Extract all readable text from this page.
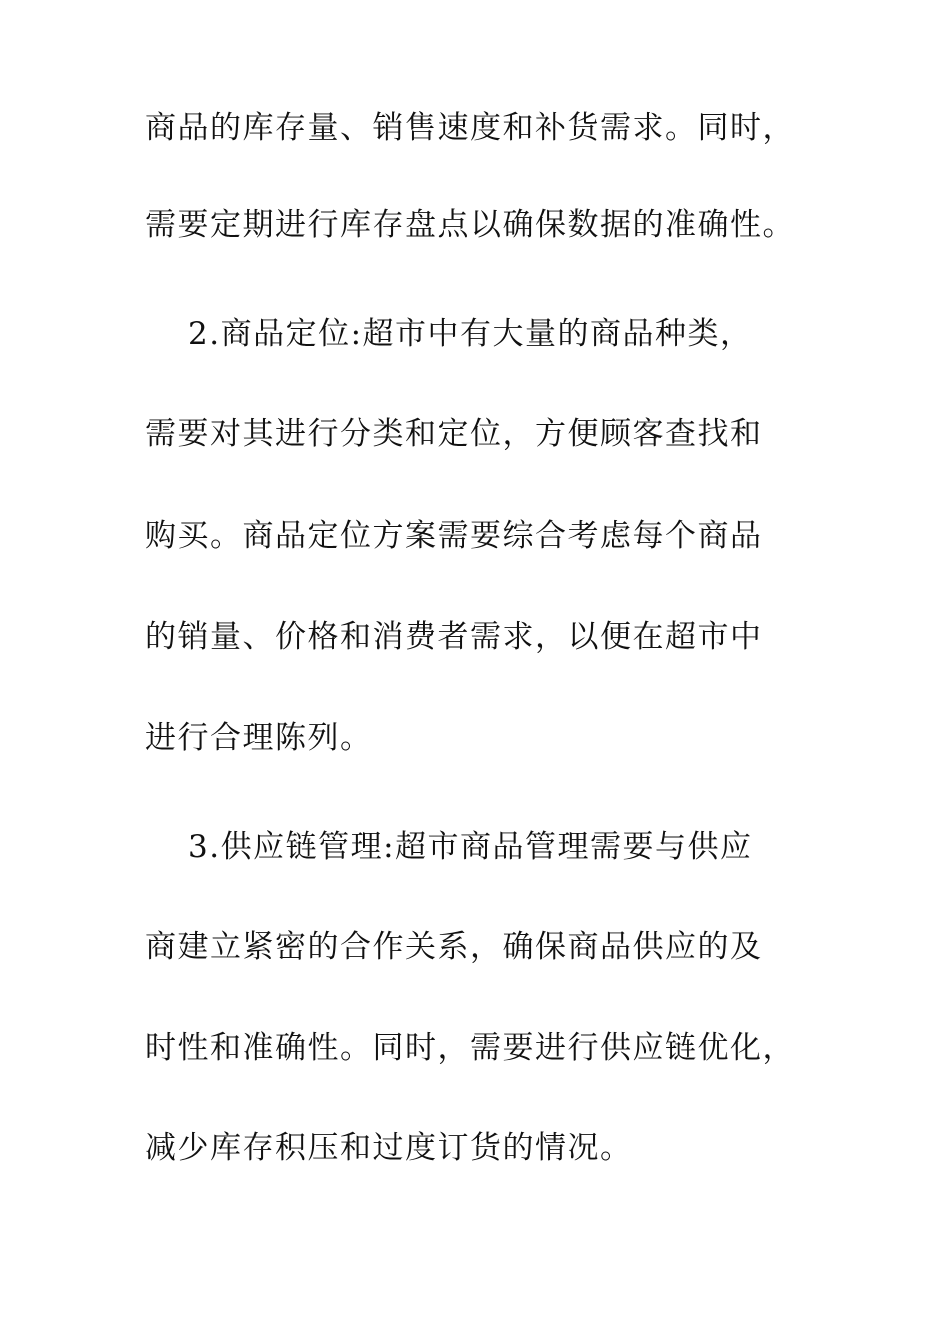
商品的库存量、销售速度和补货需求。同时，
需要定期进行库存盘点以确保数据的准确性。
2.商品定位:超市中有大量的商品种类，
需要对其进行分类和定位，方便顾客查找和
购买。商品定位方案需要综合考虑每个商品
的销量、价格和消费者需求，以便在超市中
进行合理陈列。
3.供应链管理:超市商品管理需要与供应
商建立紧密的合作关系，确保商品供应的及
时性和准确性。同时，需要进行供应链优化，
减少库存积压和过度订货的情况。
